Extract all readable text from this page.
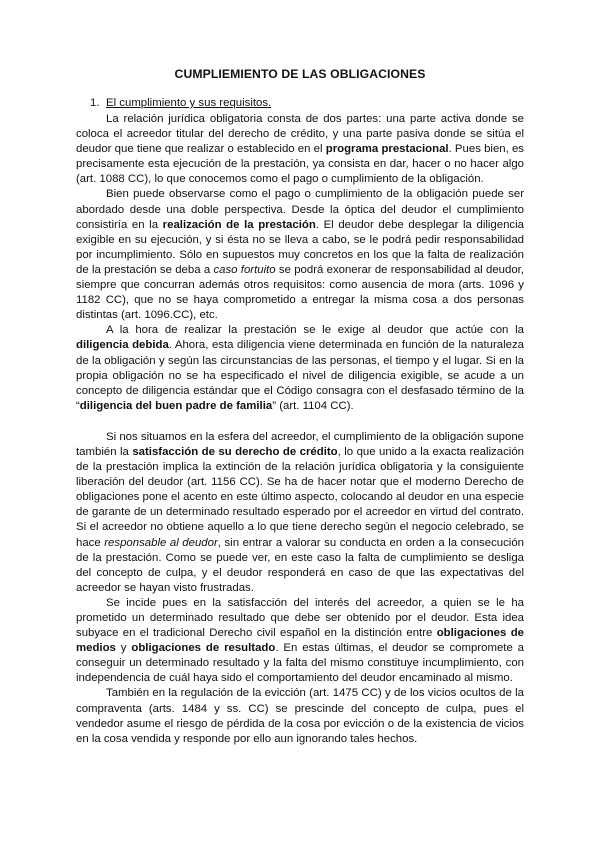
CUMPLIEMIENTO DE LAS OBLIGACIONES
1. El cumplimiento y sus requisitos.

La relación jurídica obligatoria consta de dos partes: una parte activa donde se coloca el acreedor titular del derecho de crédito, y una parte pasiva donde se sitúa el deudor que tiene que realizar o establecido en el programa prestacional. Pues bien, es precisamente esta ejecución de la prestación, ya consista en dar, hacer o no hacer algo (art. 1088 CC), lo que conocemos como el pago o cumplimiento de la obligación.

Bien puede observarse como el pago o cumplimiento de la obligación puede ser abordado desde una doble perspectiva. Desde la óptica del deudor el cumplimiento consistiría en la realización de la prestación. El deudor debe desplegar la diligencia exigible en su ejecución, y si ésta no se lleva a cabo, se le podrá pedir responsabilidad por incumplimiento. Sólo en supuestos muy concretos en los que la falta de realización de la prestación se deba a caso fortuito se podrá exonerar de responsabilidad al deudor, siempre que concurran además otros requisitos: como ausencia de mora (arts. 1096 y 1182 CC), que no se haya comprometido a entregar la misma cosa a dos personas distintas (art. 1096.CC), etc.

A la hora de realizar la prestación se le exige al deudor que actúe con la diligencia debida. Ahora, esta diligencia viene determinada en función de la naturaleza de la obligación y según las circunstancias de las personas, el tiempo y el lugar. Si en la propia obligación no se ha especificado el nivel de diligencia exigible, se acude a un concepto de diligencia estándar que el Código consagra con el desfasado término de la “diligencia del buen padre de familia” (art. 1104 CC).

Si nos situamos en la esfera del acreedor, el cumplimiento de la obligación supone también la satisfacción de su derecho de crédito, lo que unido a la exacta realización de la prestación implica la extinción de la relación jurídica obligatoria y la consiguiente liberación del deudor (art. 1156 CC). Se ha de hacer notar que el moderno Derecho de obligaciones pone el acento en este último aspecto, colocando al deudor en una especie de garante de un determinado resultado esperado por el acreedor en virtud del contrato. Si el acreedor no obtiene aquello a lo que tiene derecho según el negocio celebrado, se hace responsable al deudor, sin entrar a valorar su conducta en orden a la consecución de la prestación. Como se puede ver, en este caso la falta de cumplimiento se desliga del concepto de culpa, y el deudor responderá en caso de que las expectativas del acreedor se hayan visto frustradas.

Se incide pues en la satisfacción del interés del acreedor, a quien se le ha prometido un determinado resultado que debe ser obtenido por el deudor. Esta idea subyace en el tradicional Derecho civil español en la distinción entre obligaciones de medios y obligaciones de resultado. En estas últimas, el deudor se compromete a conseguir un determinado resultado y la falta del mismo constituye incumplimiento, con independencia de cuál haya sido el comportamiento del deudor encaminado al mismo.

También en la regulación de la evicción (art. 1475 CC) y de los vicios ocultos de la compraventa (arts. 1484 y ss. CC) se prescinde del concepto de culpa, pues el vendedor asume el riesgo de pérdida de la cosa por evicción o de la existencia de vicios en la cosa vendida y responde por ello aun ignorando tales hechos.
